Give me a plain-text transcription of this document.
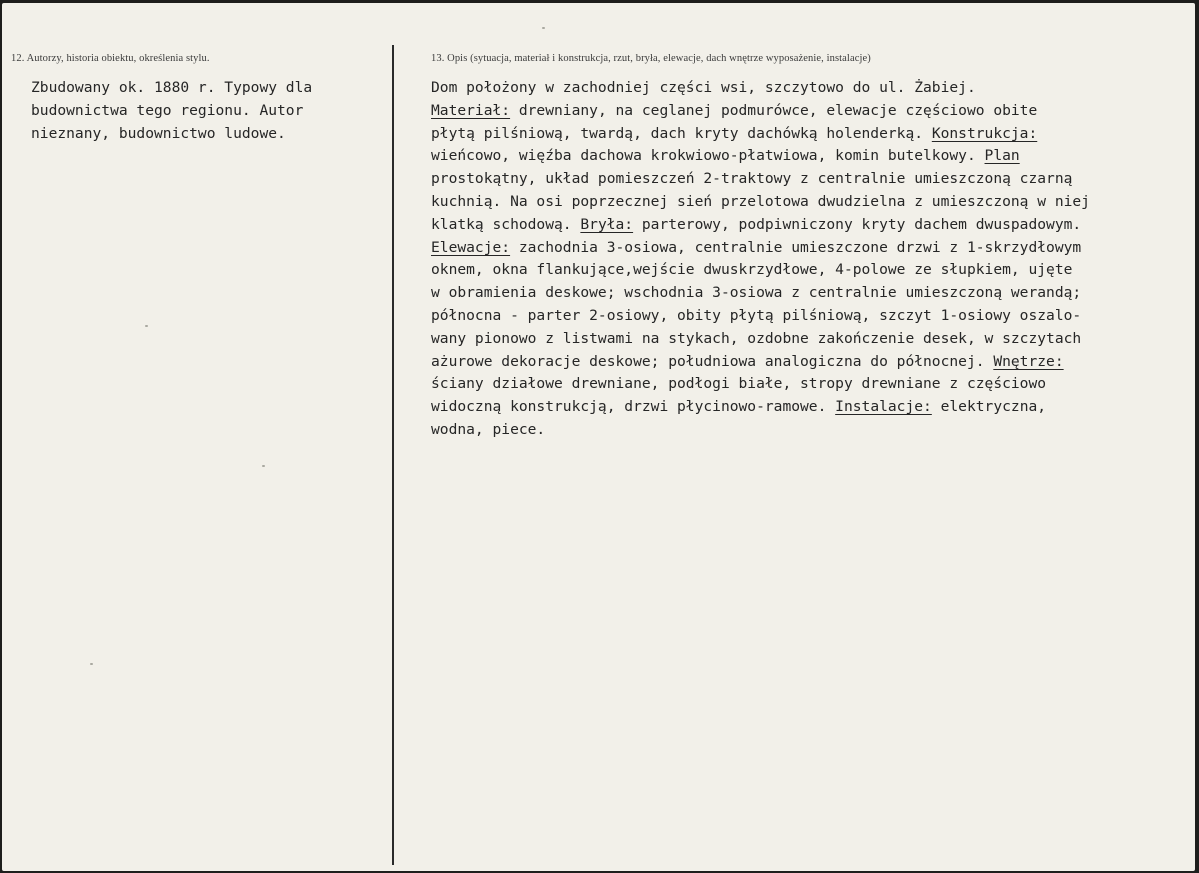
12. Autorzy, historia obiektu, określenia stylu.	13. Opis (sytuacja, materiał i konstrukcja, rzut, bryła, elewacje, dach wnętrze wyposażenie, instalacje)
Zbudowany ok. 1880 r. Typowy dla
budownictwa tego regionu. Autor
nieznany, budownictwo ludowe.
Dom położony w zachodniej części wsi, szczytowo do ul. Żabiej.
Materiał: drewniany, na ceglanej podmurówce, elewacje częściowo obite
płytą pilśniową, twardą, dach kryty dachówką holenderką. Konstrukcja:
wieńcowo, więźba dachowa krokwiowo-płatwiowa, komin butelkowy. Plan
prostokątny, układ pomieszczeń 2-traktowy z centralnie umieszczoną czarną
kuchnią. Na osi poprzecznej sień przelotowa dwudzielna z umieszczoną w niej
klatką schodową. Bryła: parterowy, podpiwniczony kryty dachem dwuspadowym.
Elewacje: zachodnia 3-osiowa, centralnie umieszczone drzwi z 1-skrzydłowym
oknem, okna flankujące,wejście dwuskrzydłowe, 4-polowe ze słupkiem, ujęte
w obramienia deskowe; wschodnia 3-osiowa z centralnie umieszczoną werandą;
północna - parter 2-osiowy, obity płytą pilśniową, szczyt 1-osiowy oszalo-
wany pionowo z listwami na stykach, ozdobne zakończenie desek, w szczytach
ażurowe dekoracje deskowe; południowa analogiczna do północnej. Wnętrze:
ściany działowe drewniane, podłogi białe, stropy drewniane z częściowo
widoczną konstrukcją, drzwi płycinowo-ramowe. Instalacje: elektryczna,
wodna, piece.
